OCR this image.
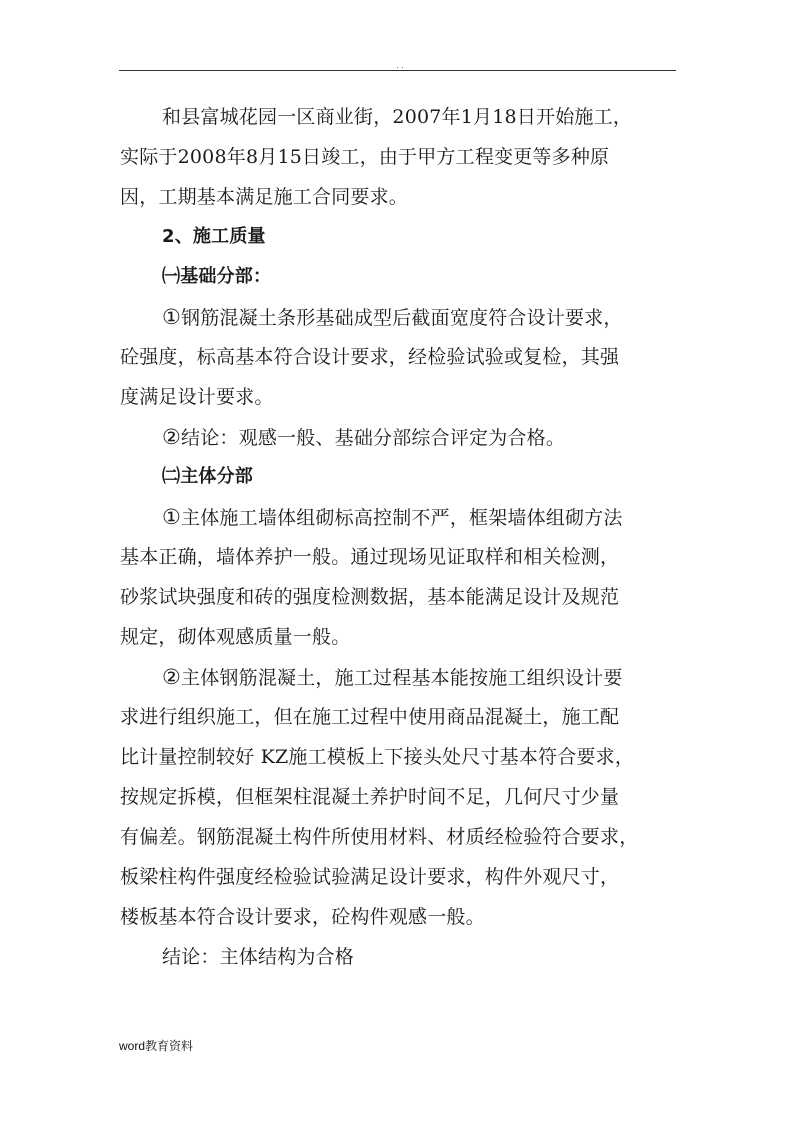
. .
和县富城花园一区商业街，2007年1月18日开始施工，
实际于2008年8月15日竣工，由于甲方工程变更等多种原
因，工期基本满足施工合同要求。
2、施工质量
㈠基础分部：
①钢筋混凝土条形基础成型后截面宽度符合设计要求，
砼强度，标高基本符合设计要求，经检验试验或复检，其强
度满足设计要求。
②结论：观感一般、基础分部综合评定为合格。
㈡主体分部
①主体施工墙体组砌标高控制不严，框架墙体组砌方法
基本正确，墙体养护一般。通过现场见证取样和相关检测，
砂浆试块强度和砖的强度检测数据，基本能满足设计及规范
规定，砌体观感质量一般。
②主体钢筋混凝土，施工过程基本能按施工组织设计要
求进行组织施工，但在施工过程中使用商品混凝土，施工配
比计量控制较好 KZ施工模板上下接头处尺寸基本符合要求，
按规定拆模，但框架柱混凝土养护时间不足，几何尺寸少量
有偏差。钢筋混凝土构件所使用材料、材质经检验符合要求，
板梁柱构件强度经检验试验满足设计要求，构件外观尺寸，
楼板基本符合设计要求，砼构件观感一般。
结论：主体结构为合格
word教育资料
